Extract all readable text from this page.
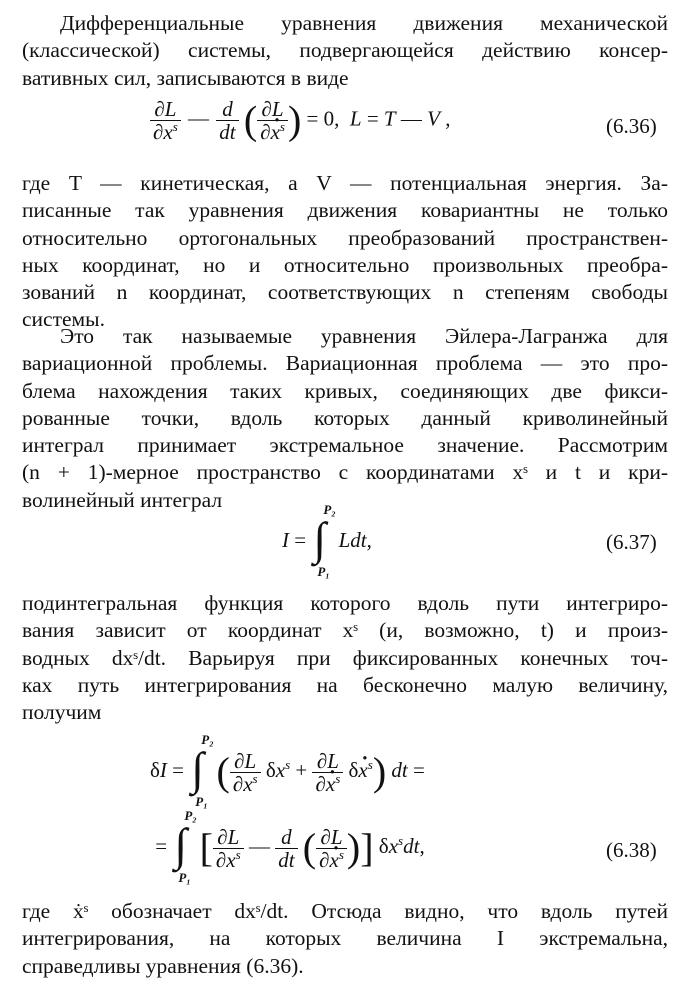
Дифференциальные уравнения движения механической
(классической) системы, подвергающейся действию консер-
вативных сил, записываются в виде
$\frac{\partial L}{\partial x^s}$ — $\frac{d}{dt}$ ( $\frac{\partial L}{\partial x \cdot^s}$ ) = 0,  L = T — V ,	(6.36)
где T — кинетическая, а V — потенциальная энергия. За-
писанные так уравнения движения ковариантны не только
относительно ортогональных преобразований пространствен-
ных координат, но и относительно произвольных преобра-
зований n координат, соответствующих n степеням свободы
системы.
Это так называемые уравнения Эйлера-Лагранжа для
вариационной проблемы. Вариационная проблема — это про-
блема нахождения таких кривых, соединяющих две фикси-
рованные точки, вдоль которых данный криволинейный
интеграл принимает экстремальное значение. Рассмотрим
(n + 1)-мерное пространство с координатами xˢ и t и кри-
волинейный интеграл
I =
P₂
∫
P₁
Ldt,	(6.37)
подинтегральная функция которого вдоль пути интегриро-
вания зависит от координат xˢ (и, возможно, t) и произ-
водных dxˢ/dt. Варьируя при фиксированных конечных точ-
ках путь интегрирования на бесконечно малую величину,
получим
δI =
P₂
∫
P₁
( $\frac{\partial L}{\partial x^s} \delta x^s + \frac{\partial L}{\partial x \cdot^s}$ δx ·$^s$) dt =
=
P₂
∫
P₁
[ $\frac{\partial L}{\partial x^s}$ — $\frac{d}{dt}$ ( $\frac{\partial L}{\partial x \cdot^s}$ )] $\delta x^sdt$,	(6.38)
где ẋˢ обозначает dxˢ/dt. Отсюда видно, что вдоль путей
интегрирования, на которых величина I экстремальна,
справедливы уравнения (6.36).
